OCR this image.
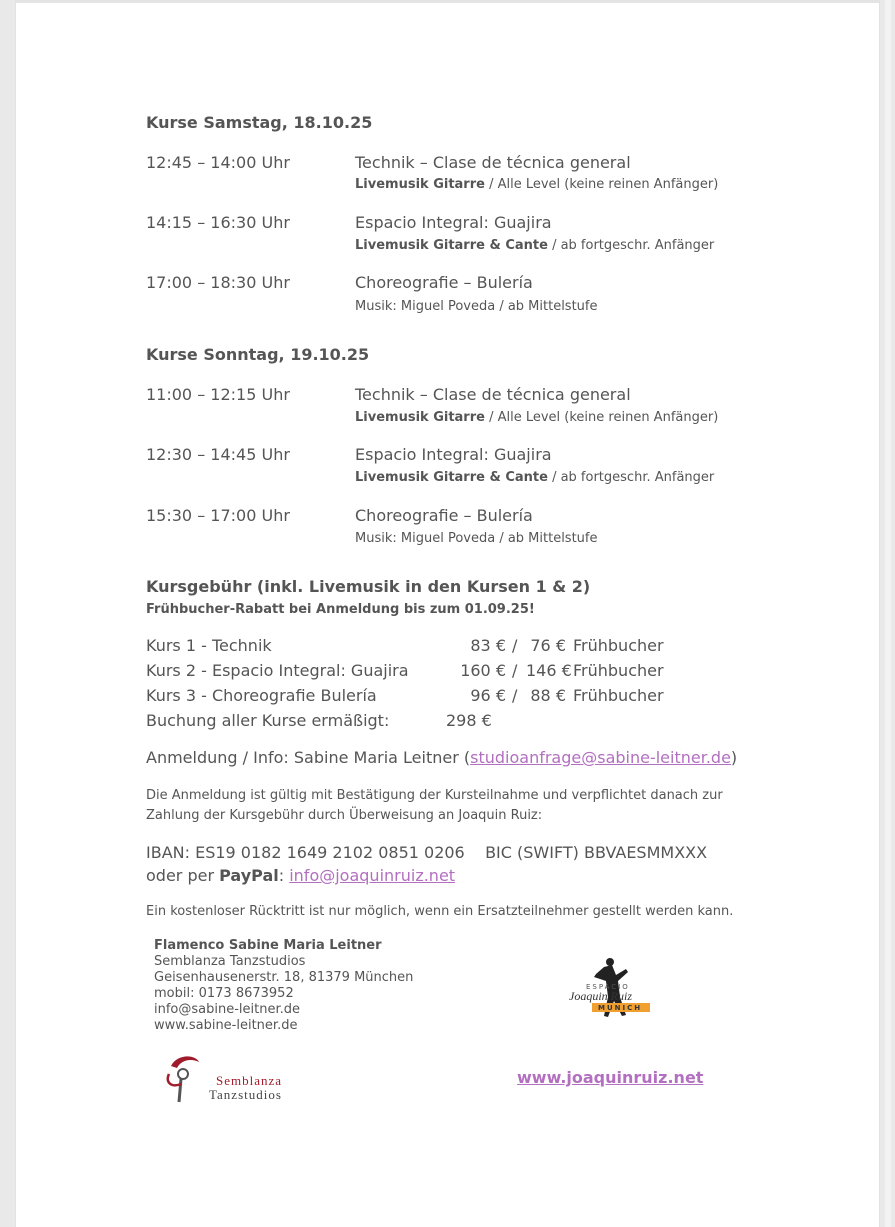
Kurse Samstag, 18.10.25
12:45 – 14:00 Uhr	Technik – Clase de técnica general
Livemusik Gitarre / Alle Level (keine reinen Anfänger)
14:15 – 16:30 Uhr	Espacio Integral: Guajira
Livemusik Gitarre & Cante / ab fortgeschr. Anfänger
17:00 – 18:30 Uhr	Choreografie – Bulería
Musik: Miguel Poveda / ab Mittelstufe
Kurse Sonntag, 19.10.25
11:00 – 12:15 Uhr	Technik – Clase de técnica general
Livemusik Gitarre / Alle Level (keine reinen Anfänger)
12:30 – 14:45 Uhr	Espacio Integral: Guajira
Livemusik Gitarre & Cante / ab fortgeschr. Anfänger
15:30 – 17:00 Uhr	Choreografie – Bulería
Musik: Miguel Poveda / ab Mittelstufe
Kursgebühr (inkl. Livemusik in den Kursen 1 & 2)
Frühbucher-Rabatt bei Anmeldung bis zum 01.09.25!
Kurs 1 - Technik	83 € / 76 € Frühbucher
Kurs 2 - Espacio Integral: Guajira	160 € / 146 € Frühbucher
Kurs 3 - Choreografie Bulería	96 € / 88 € Frühbucher
Buchung aller Kurse ermäßigt:	298 €
Anmeldung / Info: Sabine Maria Leitner (studioanfrage@sabine-leitner.de)
Die Anmeldung ist gültig mit Bestätigung der Kursteilnahme und verpflichtet danach zur
Zahlung der Kursgebühr durch Überweisung an Joaquin Ruiz:
IBAN: ES19 0182 1649 2102 0851 0206    BIC (SWIFT) BBVAESMMXXX
oder per PayPal: info@joaquinruiz.net
Ein kostenloser Rücktritt ist nur möglich, wenn ein Ersatzteilnehmer gestellt werden kann.
Flamenco Sabine Maria Leitner
Semblanza Tanzstudios
Geisenhausenerstr. 18, 81379 München
mobil: 0173 8673952
info@sabine-leitner.de
www.sabine-leitner.de
Semblanza
Tanzstudios
ESPACIO
Joaquin Ruiz
MUNICH
www.joaquinruiz.net
